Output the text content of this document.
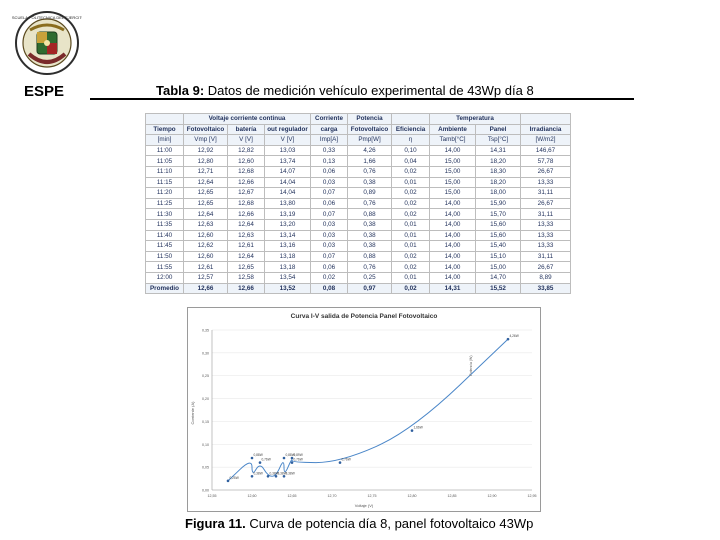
ESCUELA POLITECNICA DEL EJERCITO
ESPE	Tabla 9: Datos de medición vehículo experimental de 43Wp día 8
	Voltaje corriente continua			Corriente	Potencia		Temperatura		
Tiempo	Fotovoltaico	batería	out regulador	carga	Fotovoltaico	Eficiencia	Ambiente	Panel	Irradiancia
[min]	Vmp [V]	V [V]	V [V]	Imp[A]	Pmp[W]	η	Tamb[°C]	Tsp[°C]	[W/m2]
11:00	12,92	12,82	13,03	0,33	4,26	0,10	14,00	14,31	146,67
11:05	12,80	12,60	13,74	0,13	1,66	0,04	15,00	18,20	57,78
11:10	12,71	12,68	14,07	0,06	0,76	0,02	15,00	18,30	26,67
11:15	12,64	12,66	14,04	0,03	0,38	0,01	15,00	18,20	13,33
11:20	12,65	12,67	14,04	0,07	0,89	0,02	15,00	18,00	31,11
11:25	12,65	12,68	13,80	0,06	0,76	0,02	14,00	15,90	26,67
11:30	12,64	12,66	13,19	0,07	0,88	0,02	14,00	15,70	31,11
11:35	12,63	12,64	13,20	0,03	0,38	0,01	14,00	15,60	13,33
11:40	12,60	12,63	13,14	0,03	0,38	0,01	14,00	15,60	13,33
11:45	12,62	12,61	13,16	0,03	0,38	0,01	14,00	15,40	13,33
11:50	12,60	12,64	13,18	0,07	0,88	0,02	14,00	15,10	31,11
11:55	12,61	12,65	13,18	0,06	0,76	0,02	14,00	15,00	26,67
12:00	12,57	12,58	13,54	0,02	0,25	0,01	14,00	14,70	8,89
Promedio	12,66	12,66	13,52	0,08	0,97	0,02	14,31	15,52	33,85
Curva I-V salida de Potencia Panel Fotovoltaico
0,00
0,05
0,10
0,15
0,20
0,25
0,30
0,35
12,55	12,60	12,65	12,70	12,75	12,80	12,85	12,90	12,95
0,25W
0,88W
0,38W
0,76W
0,38W
0,38W
0,88W
0,38W
0,89W
0,76W	0,76W
1,66W
4,26W
Potencia (W)
Voltaje (V)
Corriente (A)
Figura 11. Curva de potencia día 8, panel fotovoltaico 43Wp
